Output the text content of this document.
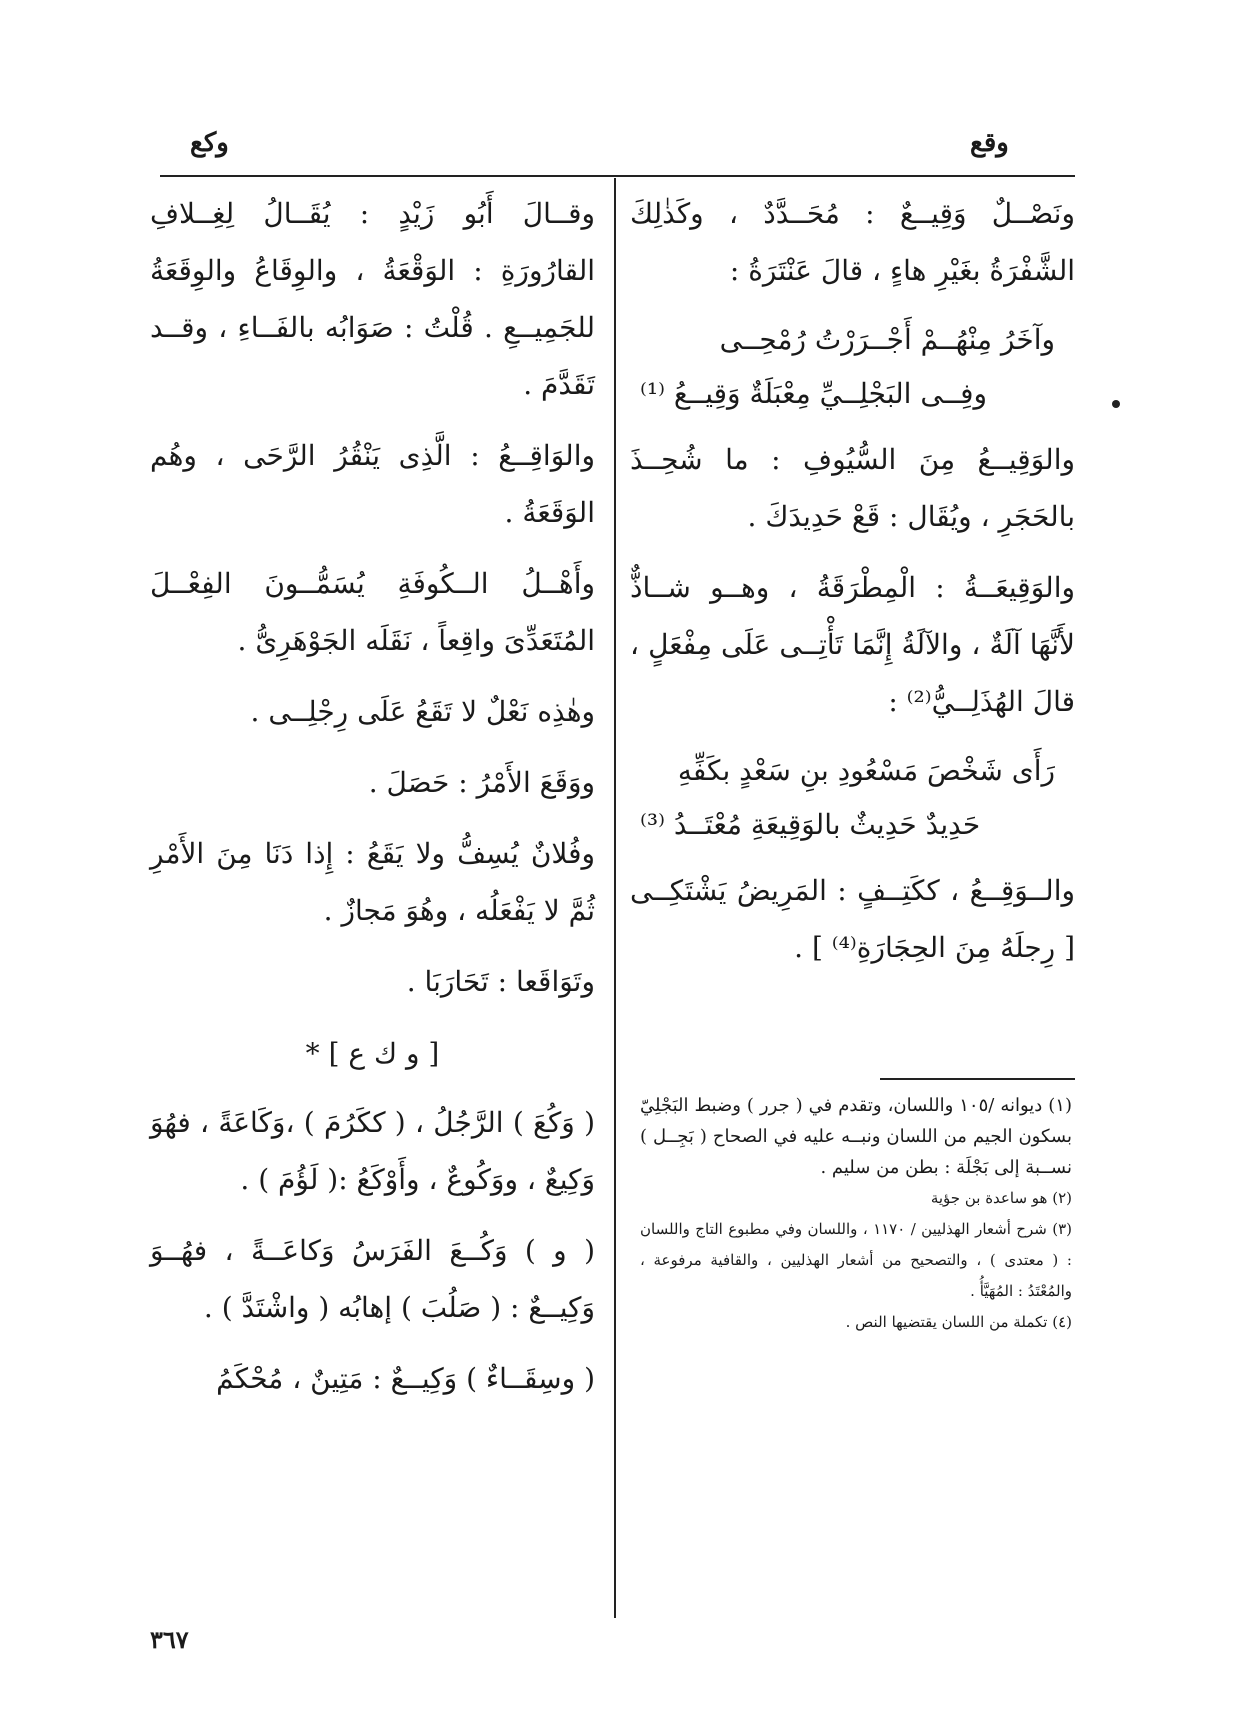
وقع
وكع

ونَصْــلٌ وَقِيــعٌ : مُحَــدَّدٌ ، وكَذٰلِكَ الشَّفْرَةُ بغَيْرِ هاءٍ ، قالَ عَنْتَرَةُ :

وآخَرُ مِنْهُــمْ أَجْــرَرْتُ رُمْحِــى
وفِــى البَجْلِــيِّ مِعْبَلَةٌ وَقِيــعُ ⁽¹⁾

والوَقِيــعُ مِنَ السُّيُوفِ : ما شُحِــذَ بالحَجَرِ ، ويُقَال : قَعْ حَدِيدَكَ .

والوَقِيعَــةُ : الْمِطْرَقَةُ ، وهــو شــاذٌّ لأَنَّهَا آلَةٌ ، والآلَةُ إِنَّمَا تَأْتِــى عَلَى مِفْعَلٍ ، قالَ الهُذَلِــيُّ⁽²⁾ :

رَأَى شَخْصَ مَسْعُودِ بنِ سَعْدٍ بكَفِّهِ
حَدِيدٌ حَدِيثٌ بالوَقِيعَةِ مُعْتَــدُ ⁽³⁾

والــوَقِــعُ ، ككَتِــفٍ : المَرِيضُ يَشْتَكِــى [ رِجلَهُ مِنَ الحِجَارَةِ⁽⁴⁾ ] .

(١) ديوانه /١٠٥ واللسان، وتقدم في ( جرر ) وضبط البَجْلِيّ بسكون الجيم من اللسان ونبــه عليه في الصحاح ( بَجِــل ) نســبة إلى بَجْلَة : بطن من سليم .

(٢) هو ساعدة بن جؤية

(٣) شرح أشعار الهذليين / ١١٧٠ ، واللسان وفي مطبوع التاج واللسان : ( معتدى ) ، والتصحيح من أشعار الهذليين ، والقافية مرفوعة ، والمُعْتَدُ : المُهَيَّأُ .

(٤) تكملة من اللسان يقتضيها النص .

وقــالَ أَبُو زَيْدٍ : يُقَــالُ لِغِــلافِ القارُورَةِ : الوَقْعَةُ ، والوِقَاعُ والوِقَعَةُ للجَمِيــعِ . قُلْتُ : صَوَابُه بالفَــاءِ ، وقــد تَقَدَّمَ .

والوَاقِــعُ : الَّذِى يَنْقُرُ الرَّحَى ، وهُم الوَقَعَةُ .

وأَهْــلُ الــكُوفَةِ يُسَمُّــونَ الفِعْــلَ المُتَعَدِّىَ واقِعاً ، نَقَلَه الجَوْهَرِىُّ .

وهٰذِه نَعْلٌ لا تَقَعُ عَلَى رِجْلِــى .

ووَقَعَ الأَمْرُ : حَصَلَ .

وفُلانٌ يُسِفُّ ولا يَقَعُ : إِذا دَنَا مِنَ الأَمْرِ ثُمَّ لا يَفْعَلُه ، وهُوَ مَجازٌ .

وتَوَاقَعا : تَحَارَبَا .

[ و ك ع ] *

( وَكُعَ ) الرَّجُلُ ، ( ككَرُمَ ) ،وَكَاعَةً ، فهُوَ وَكِيعٌ ، ووَكُوعٌ ، وأَوْكَعُ :( لَؤُمَ ) .

( و ) وَكُــعَ الفَرَسُ وَكاعَــةً ، فهُــوَ وَكِيــعٌ : ( صَلُبَ ) إهابُه ( واشْتَدَّ ) .

( وسِقَــاءٌ ) وَكِيــعٌ : مَتِينٌ ، مُحْكَمُ

٣٦٧
